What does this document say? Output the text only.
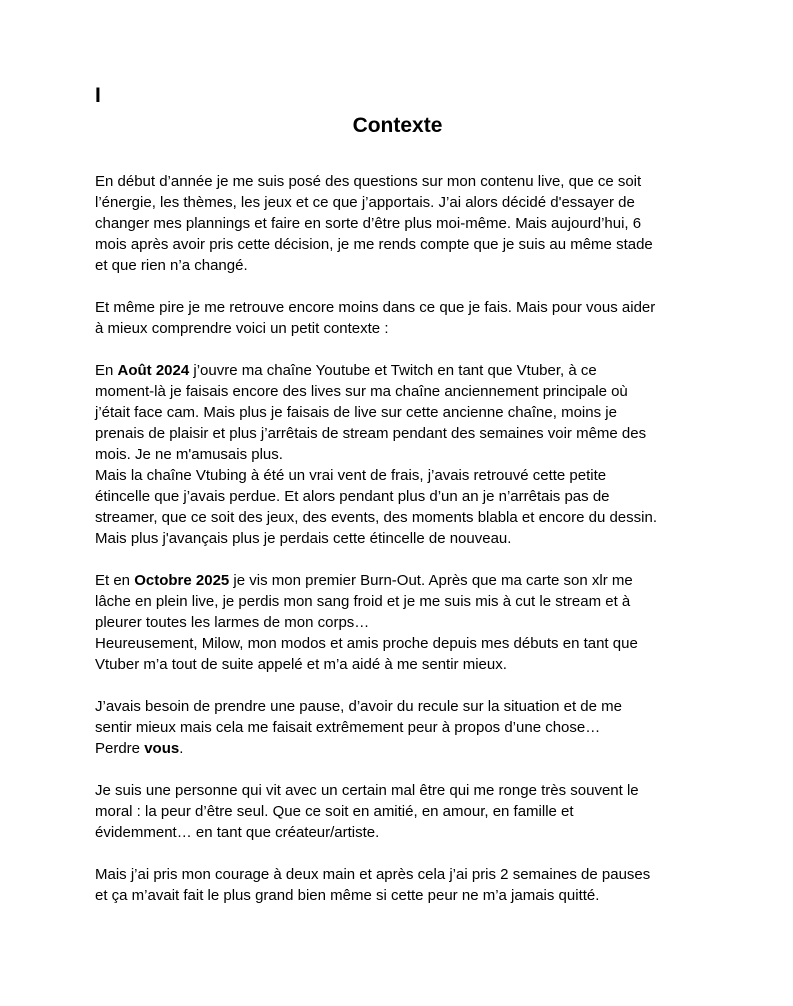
I
Contexte
En début d’année je me suis posé des questions sur mon contenu live, que ce soit
l’énergie, les thèmes, les jeux et ce que j’apportais. J’ai alors décidé d'essayer de
changer mes plannings et faire en sorte d’être plus moi-même. Mais aujourd’hui, 6
mois après avoir pris cette décision, je me rends compte que je suis au même stade
et que rien n’a changé.
Et même pire je me retrouve encore moins dans ce que je fais. Mais pour vous aider
à mieux comprendre voici un petit contexte :
En Août 2024 j’ouvre ma chaîne Youtube et Twitch en tant que Vtuber, à ce
moment-là je faisais encore des lives sur ma chaîne anciennement principale où
j’était face cam. Mais plus je faisais de live sur cette ancienne chaîne, moins je
prenais de plaisir et plus j’arrêtais de stream pendant des semaines voir même des
mois. Je ne m'amusais plus.
Mais la chaîne Vtubing à été un vrai vent de frais, j’avais retrouvé cette petite
étincelle que j’avais perdue. Et alors pendant plus d’un an je n’arrêtais pas de
streamer, que ce soit des jeux, des events, des moments blabla et encore du dessin.
Mais plus j'avançais plus je perdais cette étincelle de nouveau.
Et en Octobre 2025 je vis mon premier Burn-Out. Après que ma carte son xlr me
lâche en plein live, je perdis mon sang froid et je me suis mis à cut le stream et à
pleurer toutes les larmes de mon corps…
Heureusement, Milow, mon modos et amis proche depuis mes débuts en tant que
Vtuber m’a tout de suite appelé et m’a aidé à me sentir mieux.
J’avais besoin de prendre une pause, d’avoir du recule sur la situation et de me
sentir mieux mais cela me faisait extrêmement peur à propos d’une chose…
Perdre vous.
Je suis une personne qui vit avec un certain mal être qui me ronge très souvent le
moral : la peur d’être seul. Que ce soit en amitié, en amour, en famille et
évidemment… en tant que créateur/artiste.
Mais j’ai pris mon courage à deux main et après cela j’ai pris 2 semaines de pauses
et ça m’avait fait le plus grand bien même si cette peur ne m’a jamais quitté.
